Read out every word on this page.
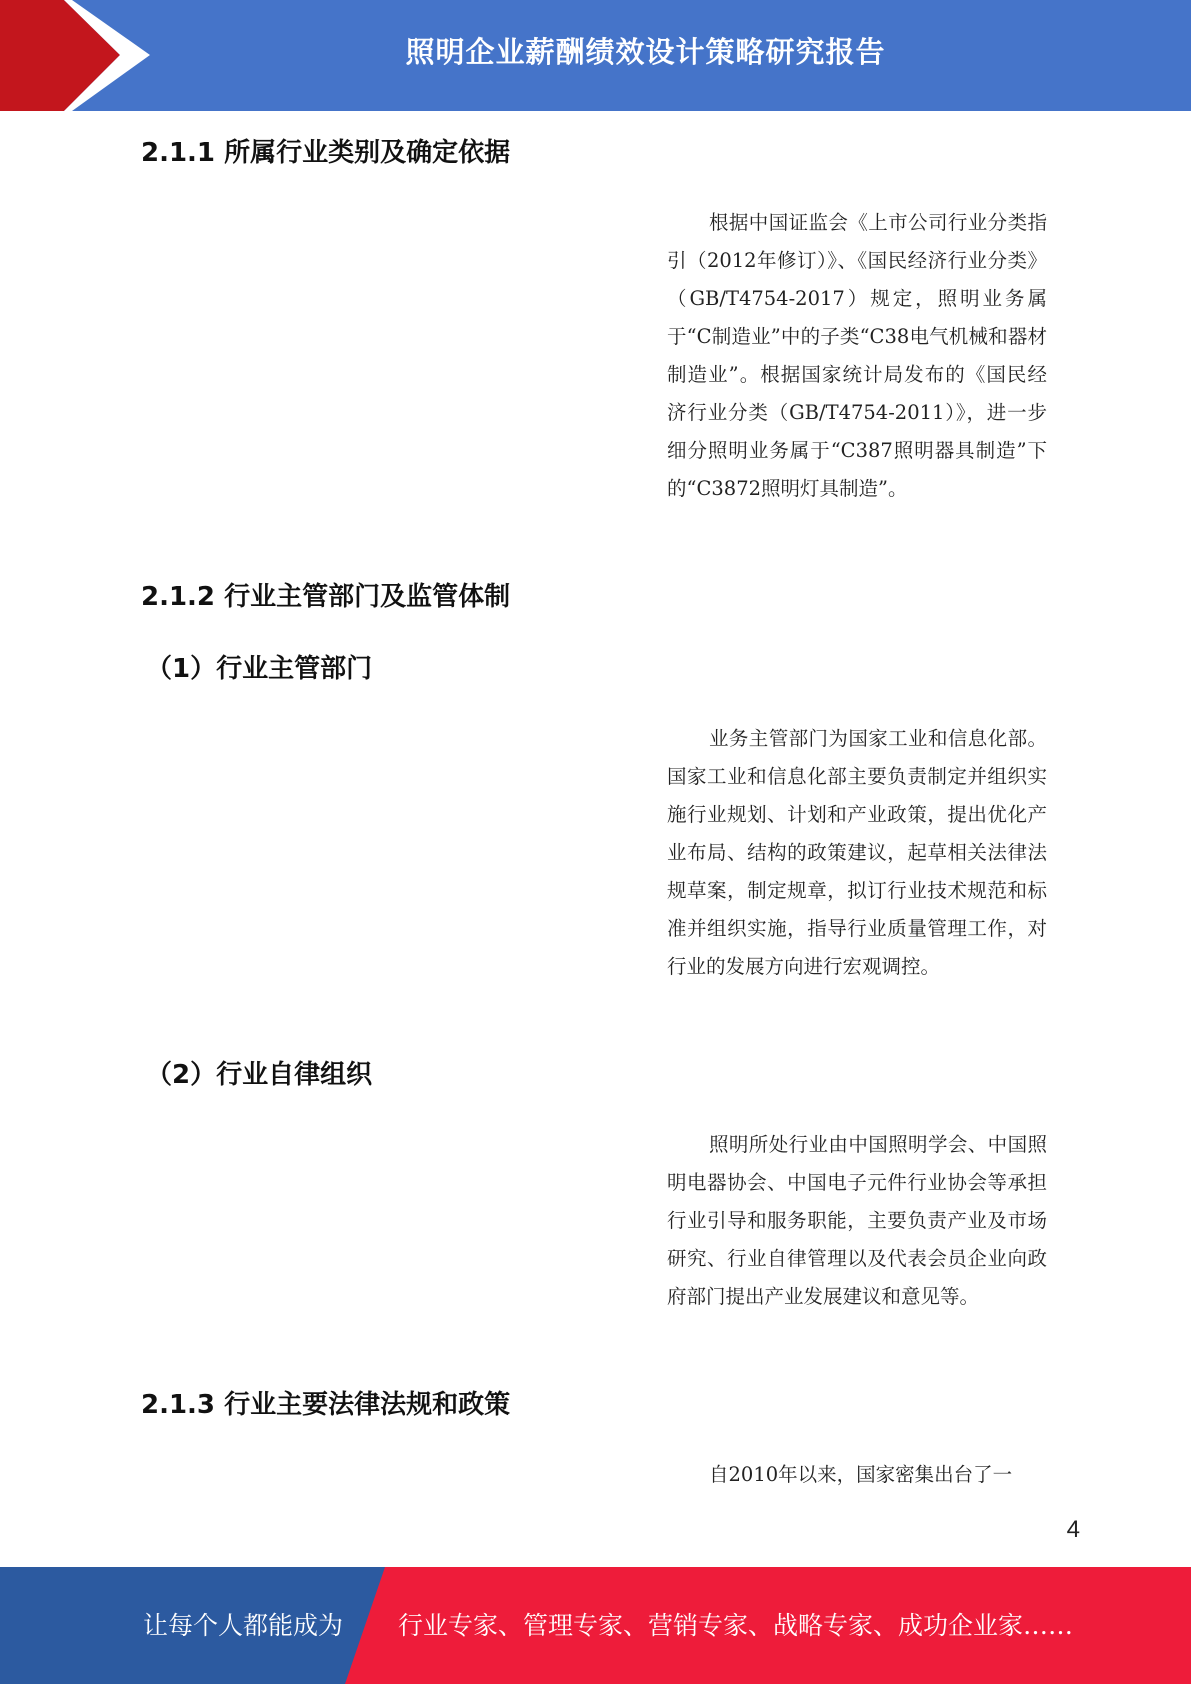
照明企业薪酬绩效设计策略研究报告
2.1.1 所属行业类别及确定依据

根据中国证监会《上市公司行业分类指引（2012年修订）》、《国民经济行业分类》（GB/T4754-2017）规定，照明业务属于“C制造业”中的子类“C38电气机械和器材制造业”。根据国家统计局发布的《国民经济行业分类（GB/T4754-2011）》，进一步细分照明业务属于“C387照明器具制造”下的“C3872照明灯具制造”。

2.1.2 行业主管部门及监管体制
（1）行业主管部门

业务主管部门为国家工业和信息化部。国家工业和信息化部主要负责制定并组织实施行业规划、计划和产业政策，提出优化产业布局、结构的政策建议，起草相关法律法规草案，制定规章，拟订行业技术规范和标准并组织实施，指导行业质量管理工作，对行业的发展方向进行宏观调控。

（2）行业自律组织

照明所处行业由中国照明学会、中国照明电器协会、中国电子元件行业协会等承担行业引导和服务职能，主要负责产业及市场研究、行业自律管理以及代表会员企业向政府部门提出产业发展建议和意见等。

2.1.3 行业主要法律法规和政策

自2010年以来，国家密集出台了一

4
让每个人都能成为 行业专家、管理专家、营销专家、战略专家、成功企业家……
